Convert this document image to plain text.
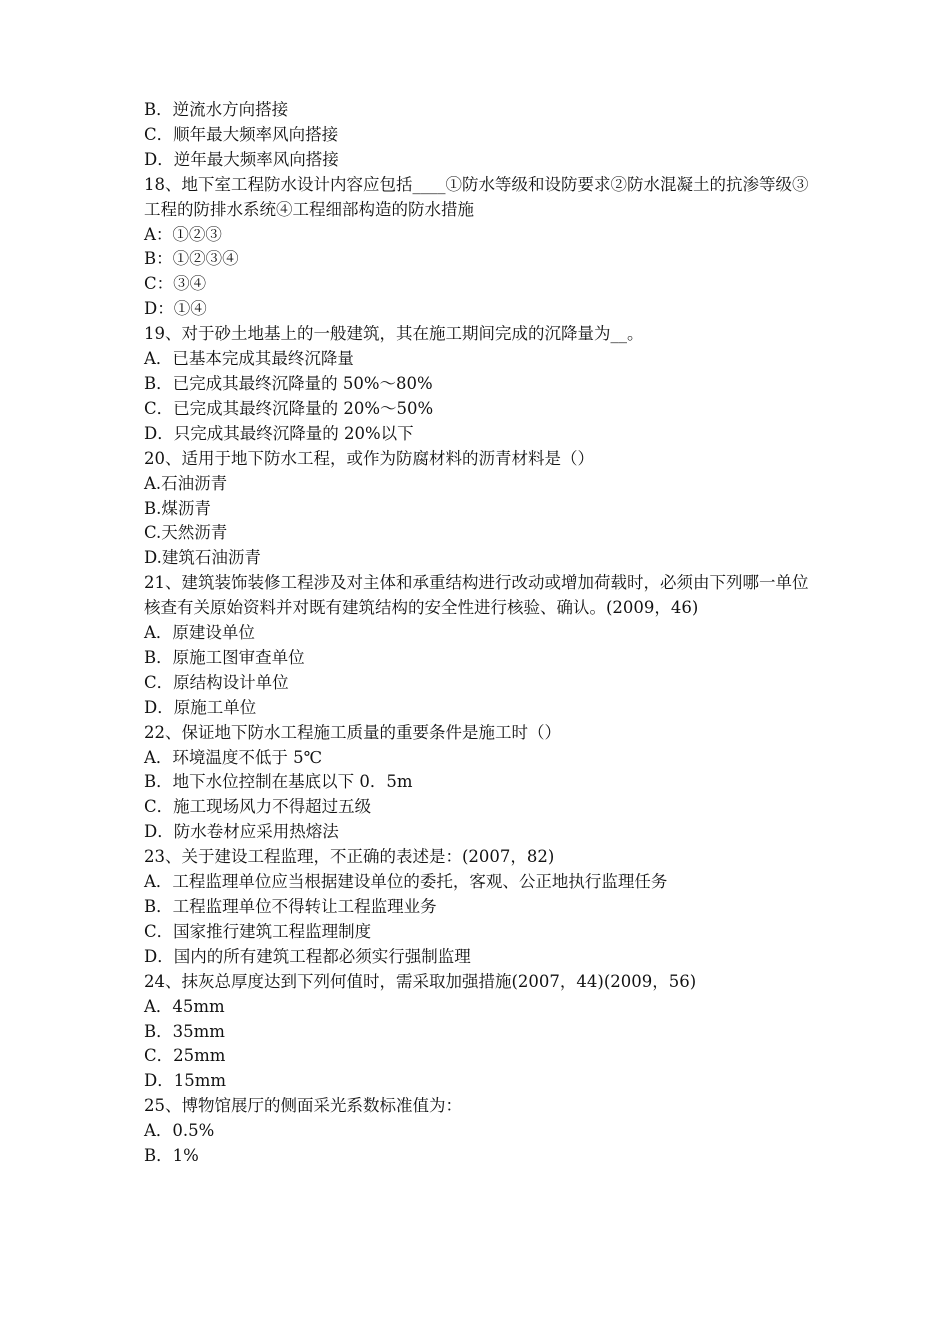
B．逆流水方向搭接

C．顺年最大频率风向搭接

D．逆年最大频率风向搭接

18、地下室工程防水设计内容应包括____①防水等级和设防要求②防水混凝土的抗渗等级③工程的防排水系统④工程细部构造的防水措施

A：①②③

B：①②③④

C：③④

D：①④

19、对于砂土地基上的一般建筑，其在施工期间完成的沉降量为__。

A．已基本完成其最终沉降量

B．已完成其最终沉降量的 50%～80%

C．已完成其最终沉降量的 20%～50%

D．只完成其最终沉降量的 20%以下

20、适用于地下防水工程，或作为防腐材料的沥青材料是（）

A.石油沥青

B.煤沥青

C.天然沥青

D.建筑石油沥青

21、建筑装饰装修工程涉及对主体和承重结构进行改动或增加荷载时，必须由下列哪一单位核查有关原始资料并对既有建筑结构的安全性进行核验、确认。(2009，46)

A．原建设单位

B．原施工图审查单位

C．原结构设计单位

D．原施工单位

22、保证地下防水工程施工质量的重要条件是施工时（）

A．环境温度不低于 5℃

B．地下水位控制在基底以下 0．5m

C．施工现场风力不得超过五级

D．防水卷材应采用热熔法

23、关于建设工程监理，不正确的表述是：(2007，82)

A．工程监理单位应当根据建设单位的委托，客观、公正地执行监理任务

B．工程监理单位不得转让工程监理业务

C．国家推行建筑工程监理制度

D．国内的所有建筑工程都必须实行强制监理

24、抹灰总厚度达到下列何值时，需采取加强措施(2007，44)(2009，56)

A．45mm

B．35mm

C．25mm

D．15mm

25、博物馆展厅的侧面采光系数标准值为：

A．0.5%

B．1%
